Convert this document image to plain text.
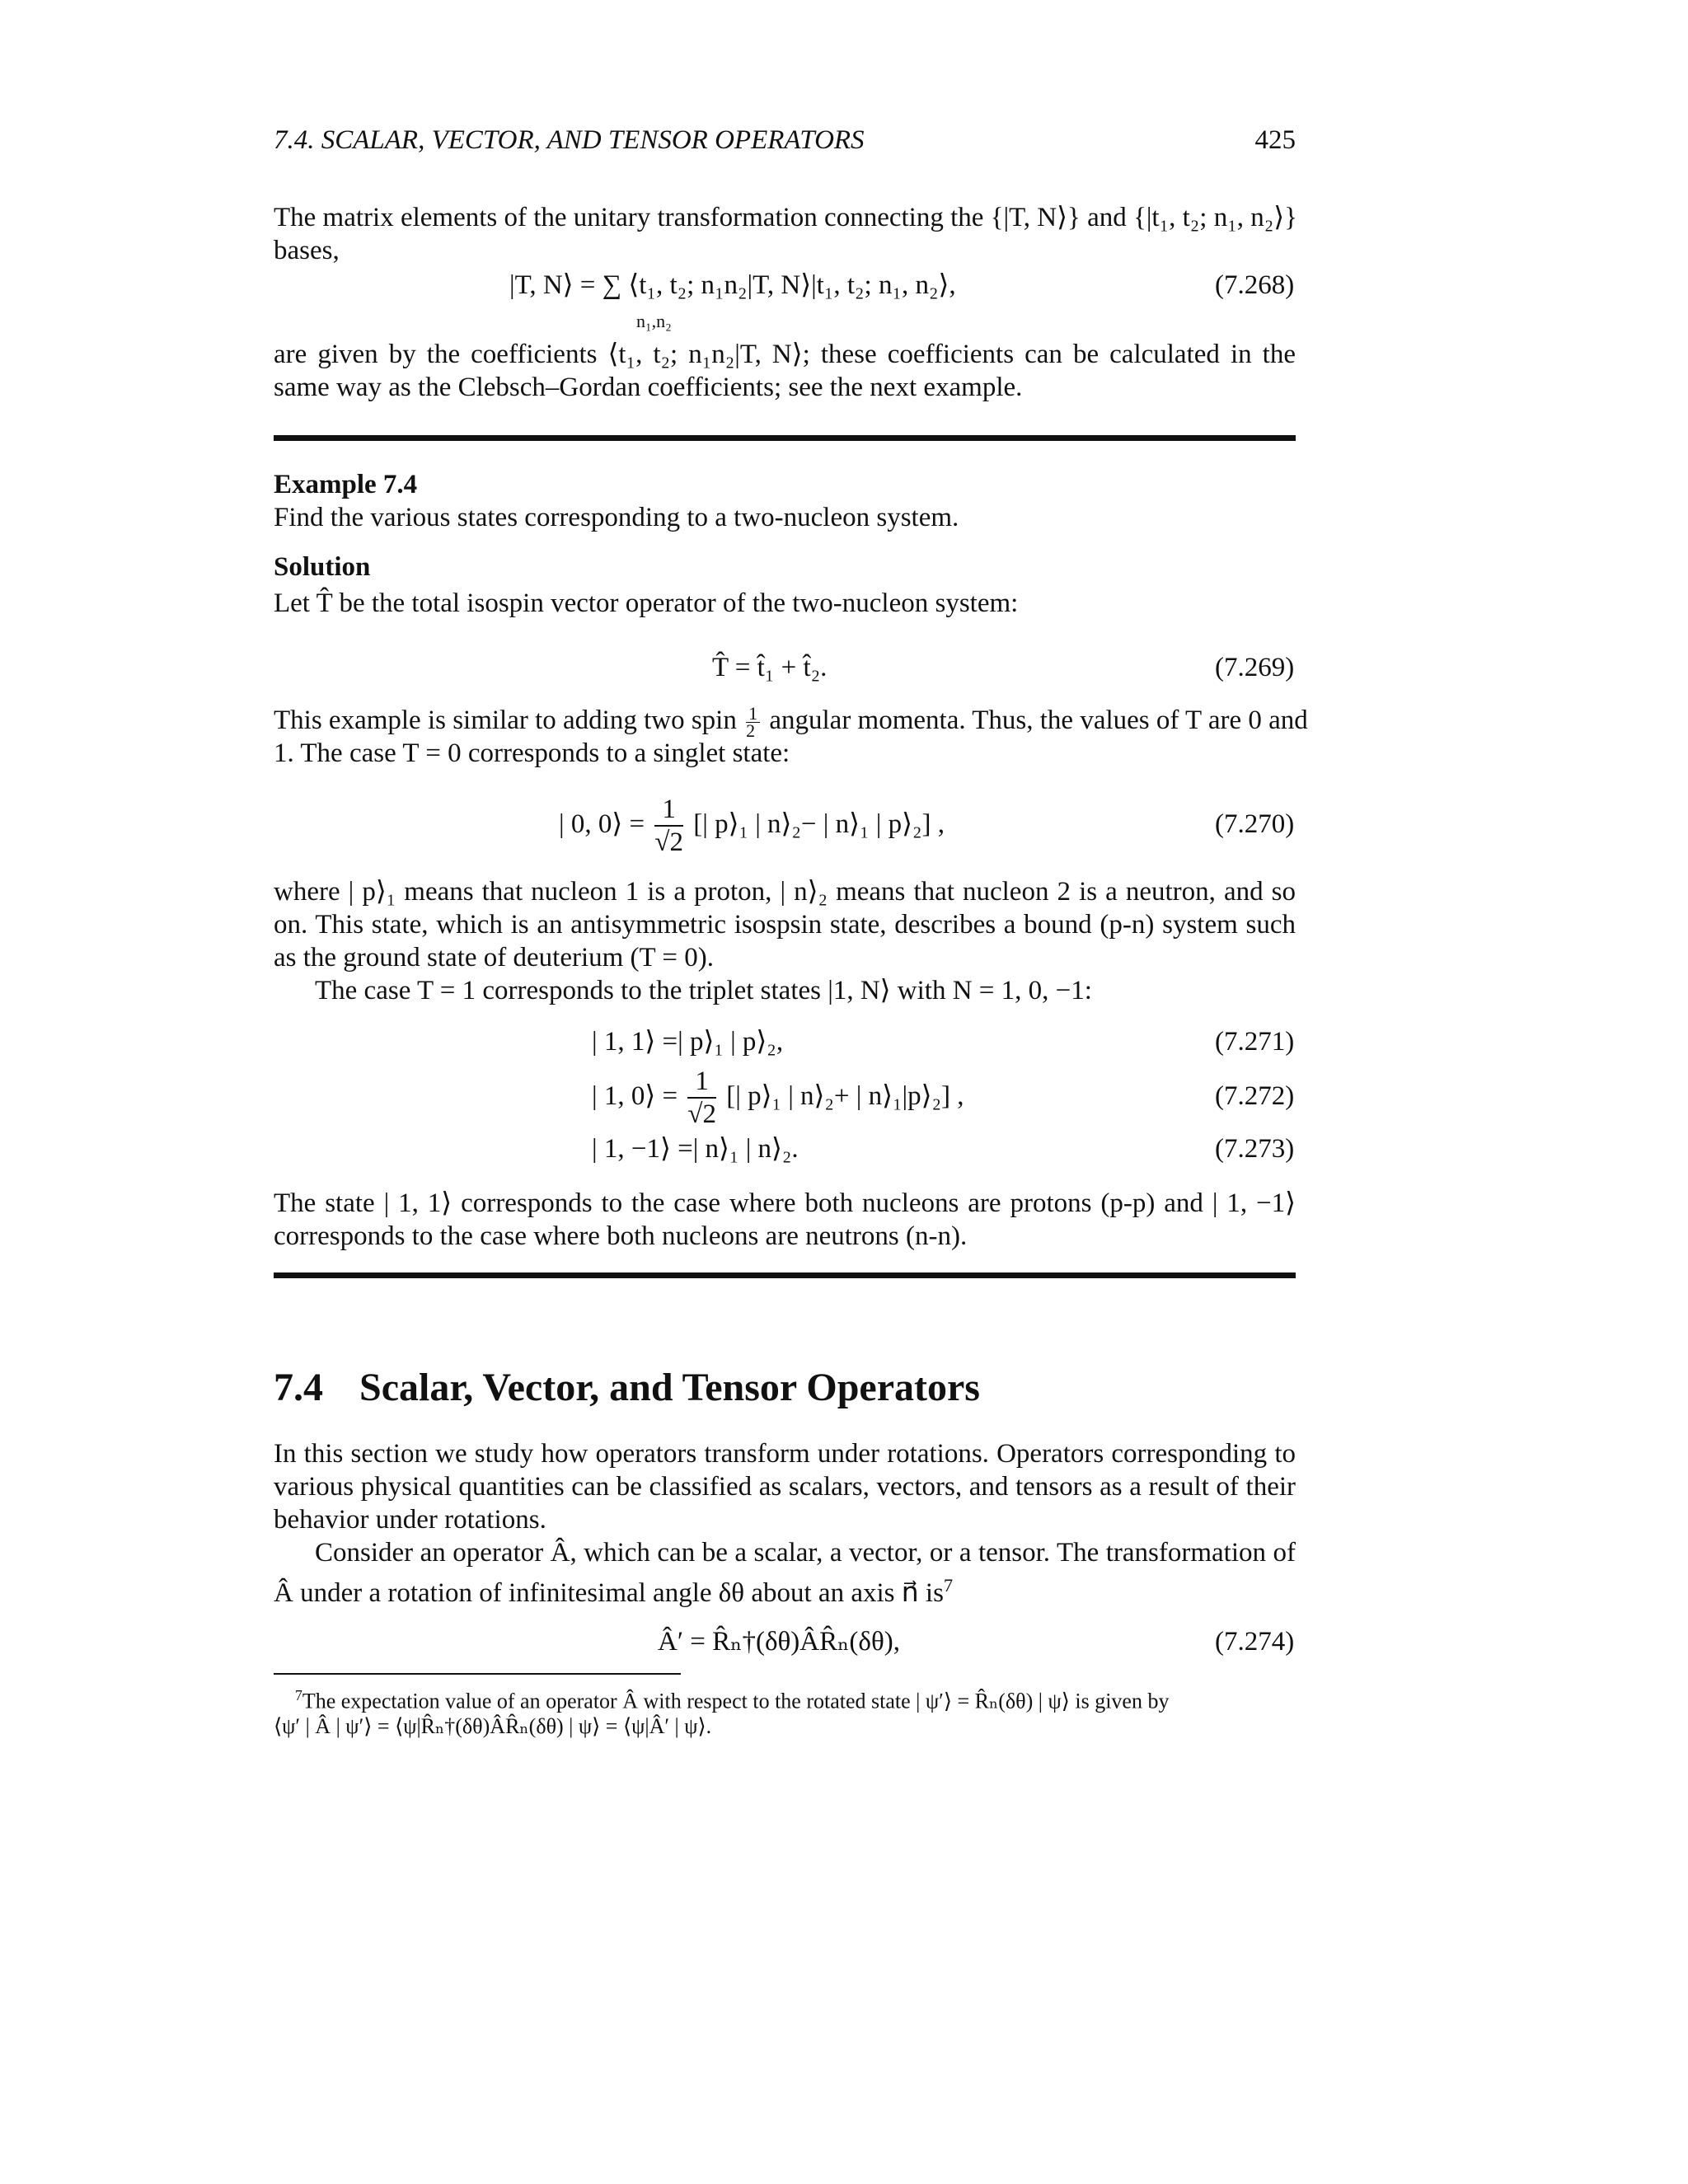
7.4. SCALAR, VECTOR, AND TENSOR OPERATORS	425
The matrix elements of the unitary transformation connecting the {|T, N⟩} and {|t₁, t₂; n₁, n₂⟩}
bases,
|T, N⟩ = ∑ ⟨t₁, t₂; n₁n₂|T, N⟩|t₁, t₂; n₁, n₂⟩,
n₁,n₂
(7.268)
are given by the coefficients ⟨t₁, t₂; n₁n₂|T, N⟩; these coefficients can be calculated in the
same way as the Clebsch–Gordan coefficients; see the next example.
Example 7.4
Find the various states corresponding to a two-nucleon system.
Solution
Let T̂ be the total isospin vector operator of the two-nucleon system:
T̂ = t̂₁ + t̂₂.	(7.269)
This example is similar to adding two spin $\frac{1}{2}$ angular momenta. Thus, the values of T are 0 and
1. The case T = 0 corresponds to a singlet state:
| 0, 0⟩ = $\frac{1}{√2}$ [| p⟩₁ | n⟩₂− | n⟩₁ | p⟩₂] ,	(7.270)
where | p⟩₁ means that nucleon 1 is a proton, | n⟩₂ means that nucleon 2 is a neutron, and so
on. This state, which is an antisymmetric isospsin state, describes a bound (p-n) system such
as the ground state of deuterium (T = 0).
The case T = 1 corresponds to the triplet states |1, N⟩ with N = 1, 0, −1:
| 1, 1⟩ =| p⟩₁ | p⟩₂,	(7.271)
| 1, 0⟩ = $\frac{1}{√2}$ [| p⟩₁ | n⟩₂+ | n⟩₁|p⟩₂] ,	(7.272)
| 1, −1⟩ =| n⟩₁ | n⟩₂.	(7.273)
The state | 1, 1⟩ corresponds to the case where both nucleons are protons (p-p) and | 1, −1⟩
corresponds to the case where both nucleons are neutrons (n-n).
7.4 Scalar, Vector, and Tensor Operators
In this section we study how operators transform under rotations. Operators corresponding to
various physical quantities can be classified as scalars, vectors, and tensors as a result of their
behavior under rotations.
Consider an operator Â, which can be a scalar, a vector, or a tensor. The transformation of
Â under a rotation of infinitesimal angle δθ about an axis n⃗ $is^7$
Â′ = R̂ₙ†(δθ)ÂR̂ₙ(δθ),	(7.274)
$^7$The expectation value of an operator Â with respect to the rotated state | ψ′⟩ = R̂ₙ(δθ) | ψ⟩ is given by
⟨ψ′ | Â | ψ′⟩ = ⟨ψ|R̂ₙ†(δθ)ÂR̂ₙ(δθ) | ψ⟩ = ⟨ψ|Â′ | ψ⟩.
